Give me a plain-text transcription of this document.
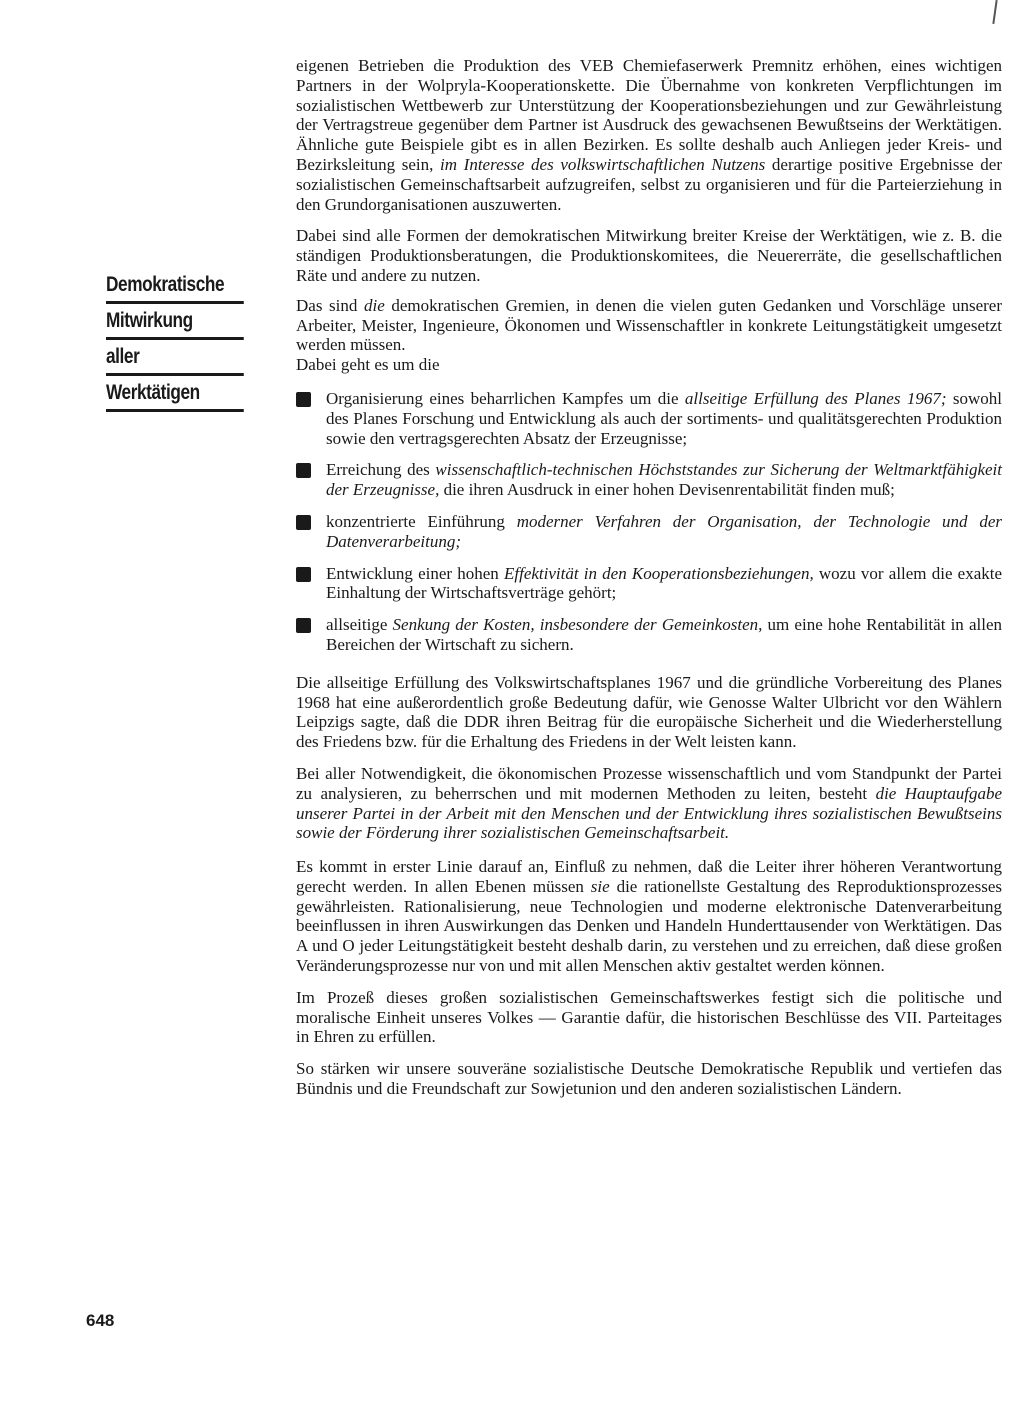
Demokratische
Mitwirkung
aller
Werktätigen

eigenen Betrieben die Produktion des VEB Chemiefaserwerk Premnitz erhöhen, eines wichtigen Partners in der Wolpryla-Kooperationskette. Die Übernahme von konkreten Verpflichtungen im sozialistischen Wettbewerb zur Unterstützung der Kooperationsbeziehungen und zur Gewährleistung der Vertragstreue gegenüber dem Partner ist Ausdruck des gewachsenen Bewußtseins der Werktätigen. Ähnliche gute Beispiele gibt es in allen Bezirken. Es sollte deshalb auch Anliegen jeder Kreis- und Bezirksleitung sein, im Interesse des volkswirtschaftlichen Nutzens derartige positive Ergebnisse der sozialistischen Gemeinschaftsarbeit aufzugreifen, selbst zu organisieren und für die Parteierziehung in den Grundorganisationen auszuwerten.

Dabei sind alle Formen der demokratischen Mitwirkung breiter Kreise der Werktätigen, wie z. B. die ständigen Produktionsberatungen, die Produktionskomitees, die Neuererräte, die gesellschaftlichen Räte und andere zu nutzen.

Das sind die demokratischen Gremien, in denen die vielen guten Gedanken und Vorschläge unserer Arbeiter, Meister, Ingenieure, Ökonomen und Wissenschaftler in konkrete Leitungstätigkeit umgesetzt werden müssen.

Dabei geht es um die

Organisierung eines beharrlichen Kampfes um die allseitige Erfüllung des Planes 1967; sowohl des Planes Forschung und Entwicklung als auch der sortiments- und qualitätsgerechten Produktion sowie den vertragsgerechten Absatz der Erzeugnisse;
Erreichung des wissenschaftlich-technischen Höchststandes zur Sicherung der Weltmarktfähigkeit der Erzeugnisse, die ihren Ausdruck in einer hohen Devisenrentabilität finden muß;
konzentrierte Einführung moderner Verfahren der Organisation, der Technologie und der Datenverarbeitung;
Entwicklung einer hohen Effektivität in den Kooperationsbeziehungen, wozu vor allem die exakte Einhaltung der Wirtschaftsverträge gehört;
allseitige Senkung der Kosten, insbesondere der Gemeinkosten, um eine hohe Rentabilität in allen Bereichen der Wirtschaft zu sichern.

Die allseitige Erfüllung des Volkswirtschaftsplanes 1967 und die gründliche Vorbereitung des Planes 1968 hat eine außerordentlich große Bedeutung dafür, wie Genosse Walter Ulbricht vor den Wählern Leipzigs sagte, daß die DDR ihren Beitrag für die europäische Sicherheit und die Wiederherstellung des Friedens bzw. für die Erhaltung des Friedens in der Welt leisten kann.

Bei aller Notwendigkeit, die ökonomischen Prozesse wissenschaftlich und vom Standpunkt der Partei zu analysieren, zu beherrschen und mit modernen Methoden zu leiten, besteht die Hauptaufgabe unserer Partei in der Arbeit mit den Menschen und der Entwicklung ihres sozialistischen Bewußtseins sowie der Förderung ihrer sozialistischen Gemeinschaftsarbeit.

Es kommt in erster Linie darauf an, Einfluß zu nehmen, daß die Leiter ihrer höheren Verantwortung gerecht werden. In allen Ebenen müssen sie die rationellste Gestaltung des Reproduktionsprozesses gewährleisten. Rationalisierung, neue Technologien und moderne elektronische Datenverarbeitung beeinflussen in ihren Auswirkungen das Denken und Handeln Hunderttausender von Werktätigen. Das A und O jeder Leitungstätigkeit besteht deshalb darin, zu verstehen und zu erreichen, daß diese großen Veränderungsprozesse nur von und mit allen Menschen aktiv gestaltet werden können.

Im Prozeß dieses großen sozialistischen Gemeinschaftswerkes festigt sich die politische und moralische Einheit unseres Volkes — Garantie dafür, die historischen Beschlüsse des VII. Parteitages in Ehren zu erfüllen.

So stärken wir unsere souveräne sozialistische Deutsche Demokratische Republik und vertiefen das Bündnis und die Freundschaft zur Sowjetunion und den anderen sozialistischen Ländern.

648
